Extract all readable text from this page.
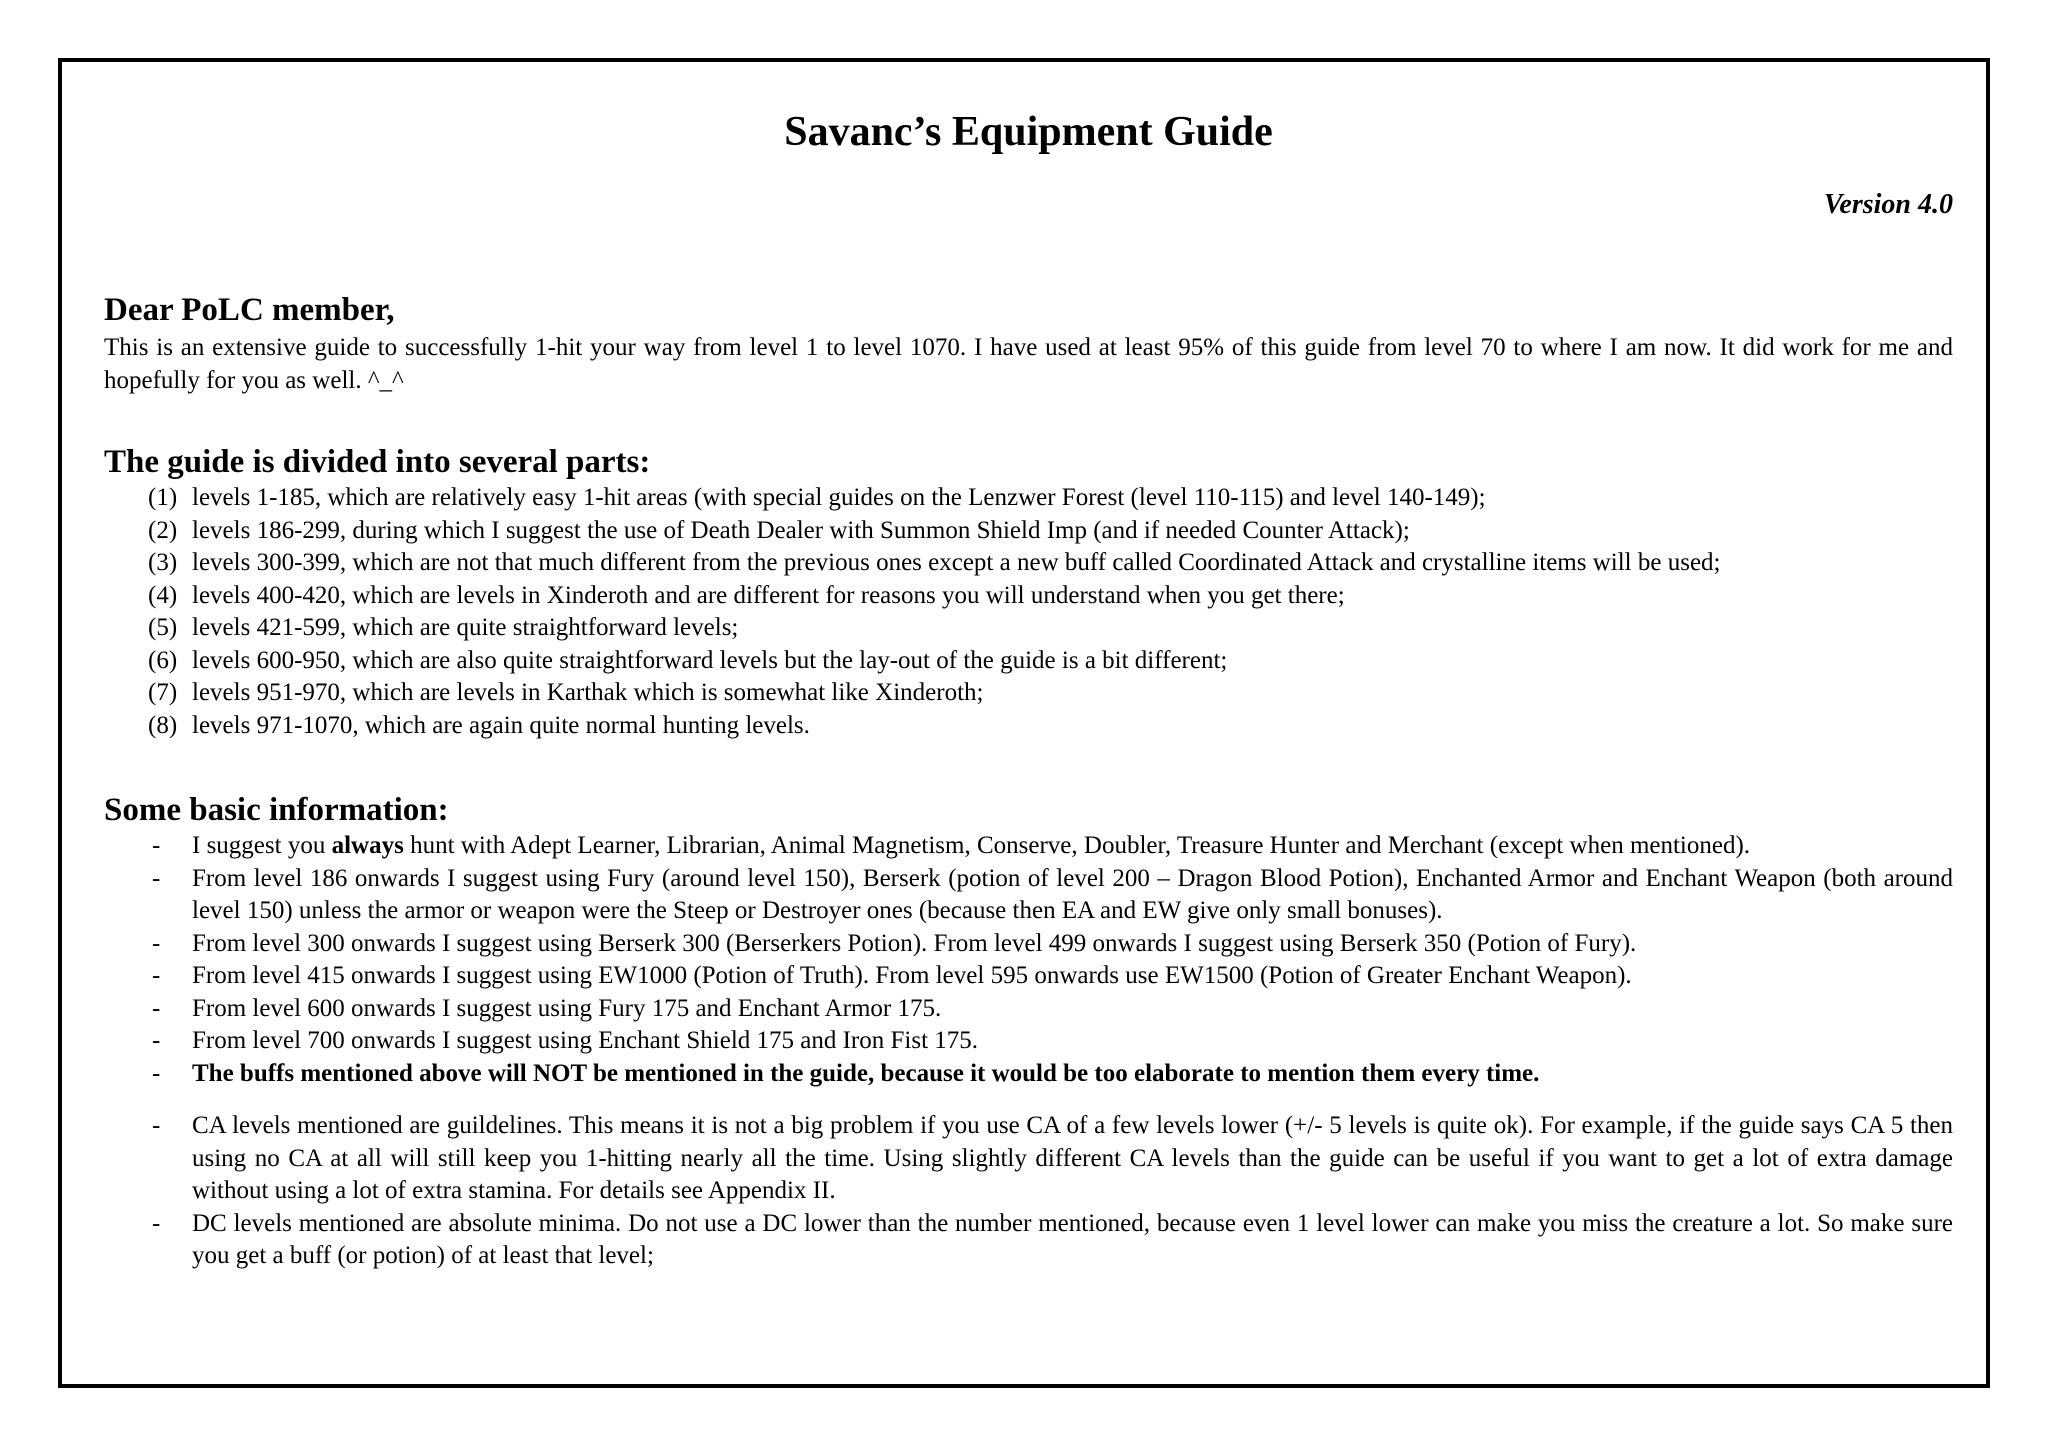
Savanc’s Equipment Guide
Version 4.0
Dear PoLC member,
This is an extensive guide to successfully 1-hit your way from level 1 to level 1070. I have used at least 95% of this guide from level 70 to where I am now. It did work for me and hopefully for you as well. ^_^
The guide is divided into several parts:
(1) levels 1-185, which are relatively easy 1-hit areas (with special guides on the Lenzwer Forest (level 110-115) and level 140-149);
(2) levels 186-299, during which I suggest the use of Death Dealer with Summon Shield Imp (and if needed Counter Attack);
(3) levels 300-399, which are not that much different from the previous ones except a new buff called Coordinated Attack and crystalline items will be used;
(4) levels 400-420, which are levels in Xinderoth and are different for reasons you will understand when you get there;
(5) levels 421-599, which are quite straightforward levels;
(6) levels 600-950, which are also quite straightforward levels but the lay-out of the guide is a bit different;
(7) levels 951-970, which are levels in Karthak which is somewhat like Xinderoth;
(8) levels 971-1070, which are again quite normal hunting levels.
Some basic information:
-	I suggest you always hunt with Adept Learner, Librarian, Animal Magnetism, Conserve, Doubler, Treasure Hunter and Merchant (except when mentioned).
-	From level 186 onwards I suggest using Fury (around level 150), Berserk (potion of level 200 – Dragon Blood Potion), Enchanted Armor and Enchant Weapon (both around level 150) unless the armor or weapon were the Steep or Destroyer ones (because then EA and EW give only small bonuses).
-	From level 300 onwards I suggest using Berserk 300 (Berserkers Potion). From level 499 onwards I suggest using Berserk 350 (Potion of Fury).
-	From level 415 onwards I suggest using EW1000 (Potion of Truth). From level 595 onwards use EW1500 (Potion of Greater Enchant Weapon).
-	From level 600 onwards I suggest using Fury 175 and Enchant Armor 175.
-	From level 700 onwards I suggest using Enchant Shield 175 and Iron Fist 175.
-	The buffs mentioned above will NOT be mentioned in the guide, because it would be too elaborate to mention them every time.
-	CA levels mentioned are guildelines. This means it is not a big problem if you use CA of a few levels lower (+/- 5 levels is quite ok). For example, if the guide says CA 5 then using no CA at all will still keep you 1-hitting nearly all the time. Using slightly different CA levels than the guide can be useful if you want to get a lot of extra damage without using a lot of extra stamina. For details see Appendix II.
-	DC levels mentioned are absolute minima. Do not use a DC lower than the number mentioned, because even 1 level lower can make you miss the creature a lot. So make sure you get a buff (or potion) of at least that level;
